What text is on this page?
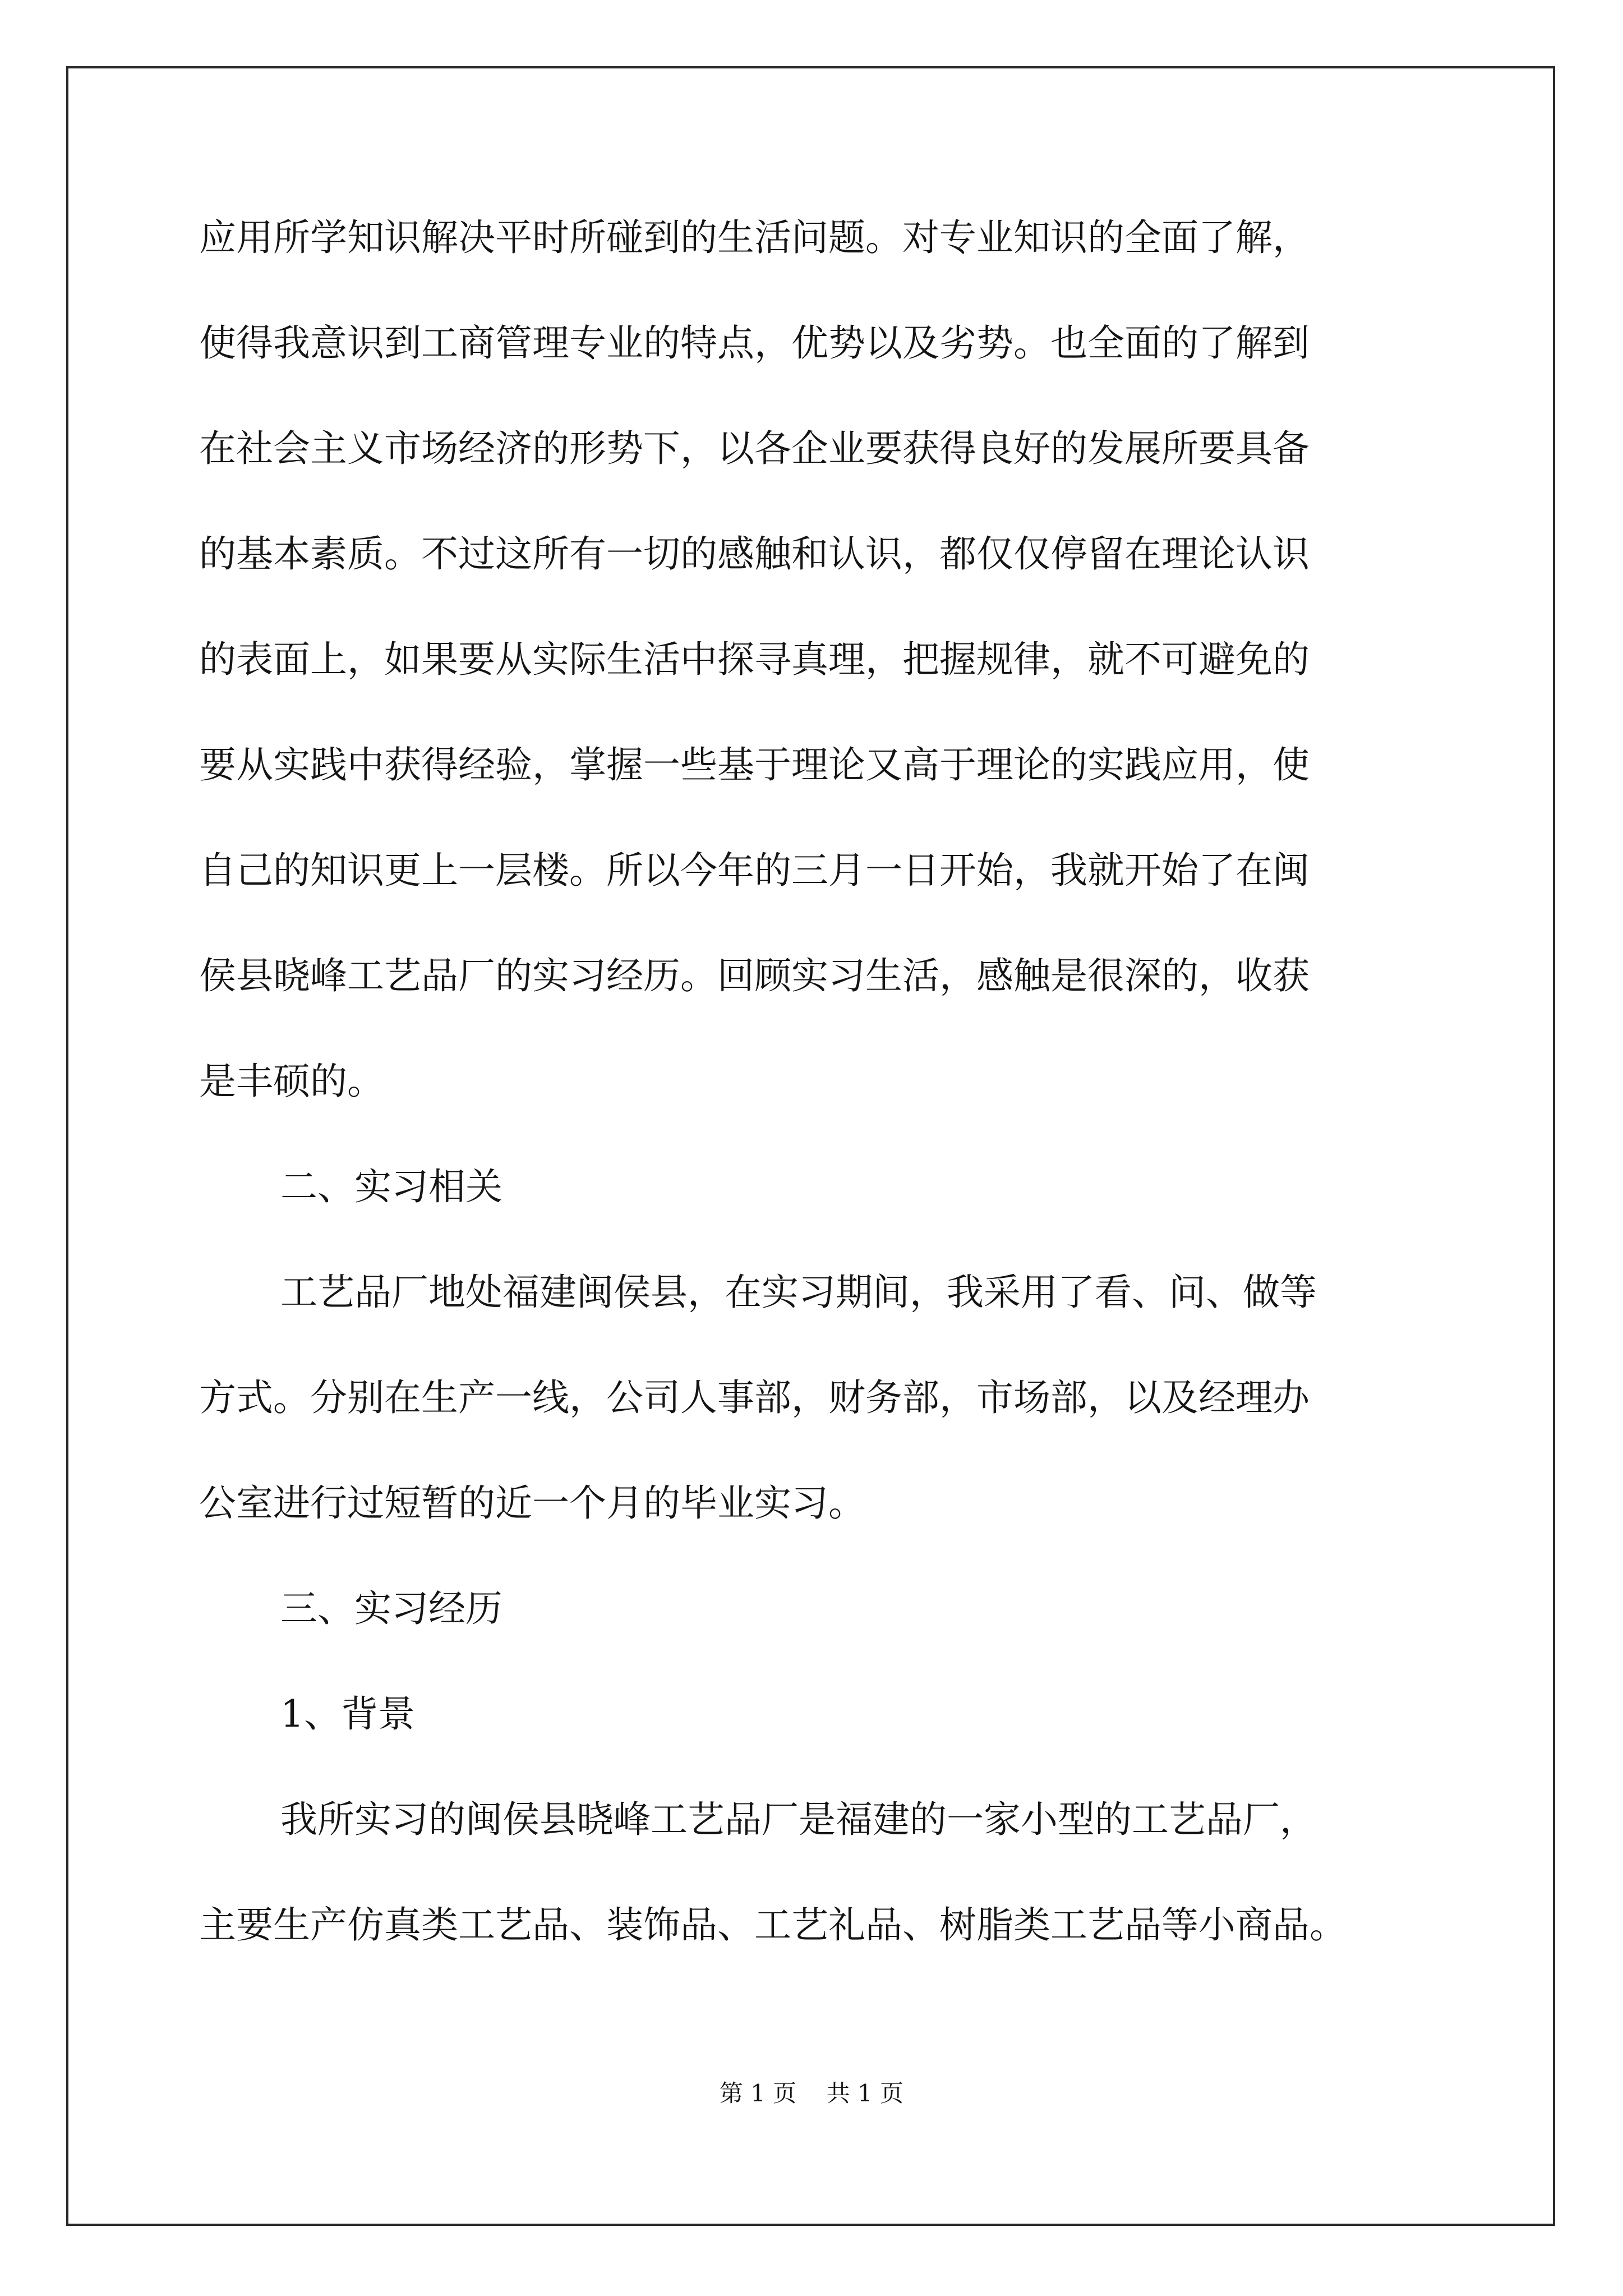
应用所学知识解决平时所碰到的生活问题。对专业知识的全面了解，
使得我意识到工商管理专业的特点，优势以及劣势。也全面的了解到
在社会主义市场经济的形势下，以各企业要获得良好的发展所要具备
的基本素质。不过这所有一切的感触和认识，都仅仅停留在理论认识
的表面上，如果要从实际生活中探寻真理，把握规律，就不可避免的
要从实践中获得经验，掌握一些基于理论又高于理论的实践应用，使
自己的知识更上一层楼。所以今年的三月一日开始，我就开始了在闽
侯县晓峰工艺品厂的实习经历。回顾实习生活，感触是很深的，收获
是丰硕的。
二、实习相关
工艺品厂地处福建闽侯县，在实习期间，我采用了看、问、做等
方式。分别在生产一线，公司人事部，财务部，市场部，以及经理办
公室进行过短暂的近一个月的毕业实习。
三、实习经历
1、背景
我所实习的闽侯县晓峰工艺品厂是福建的一家小型的工艺品厂，
主要生产仿真类工艺品、装饰品、工艺礼品、树脂类工艺品等小商品。
第 1 页    共 1 页
